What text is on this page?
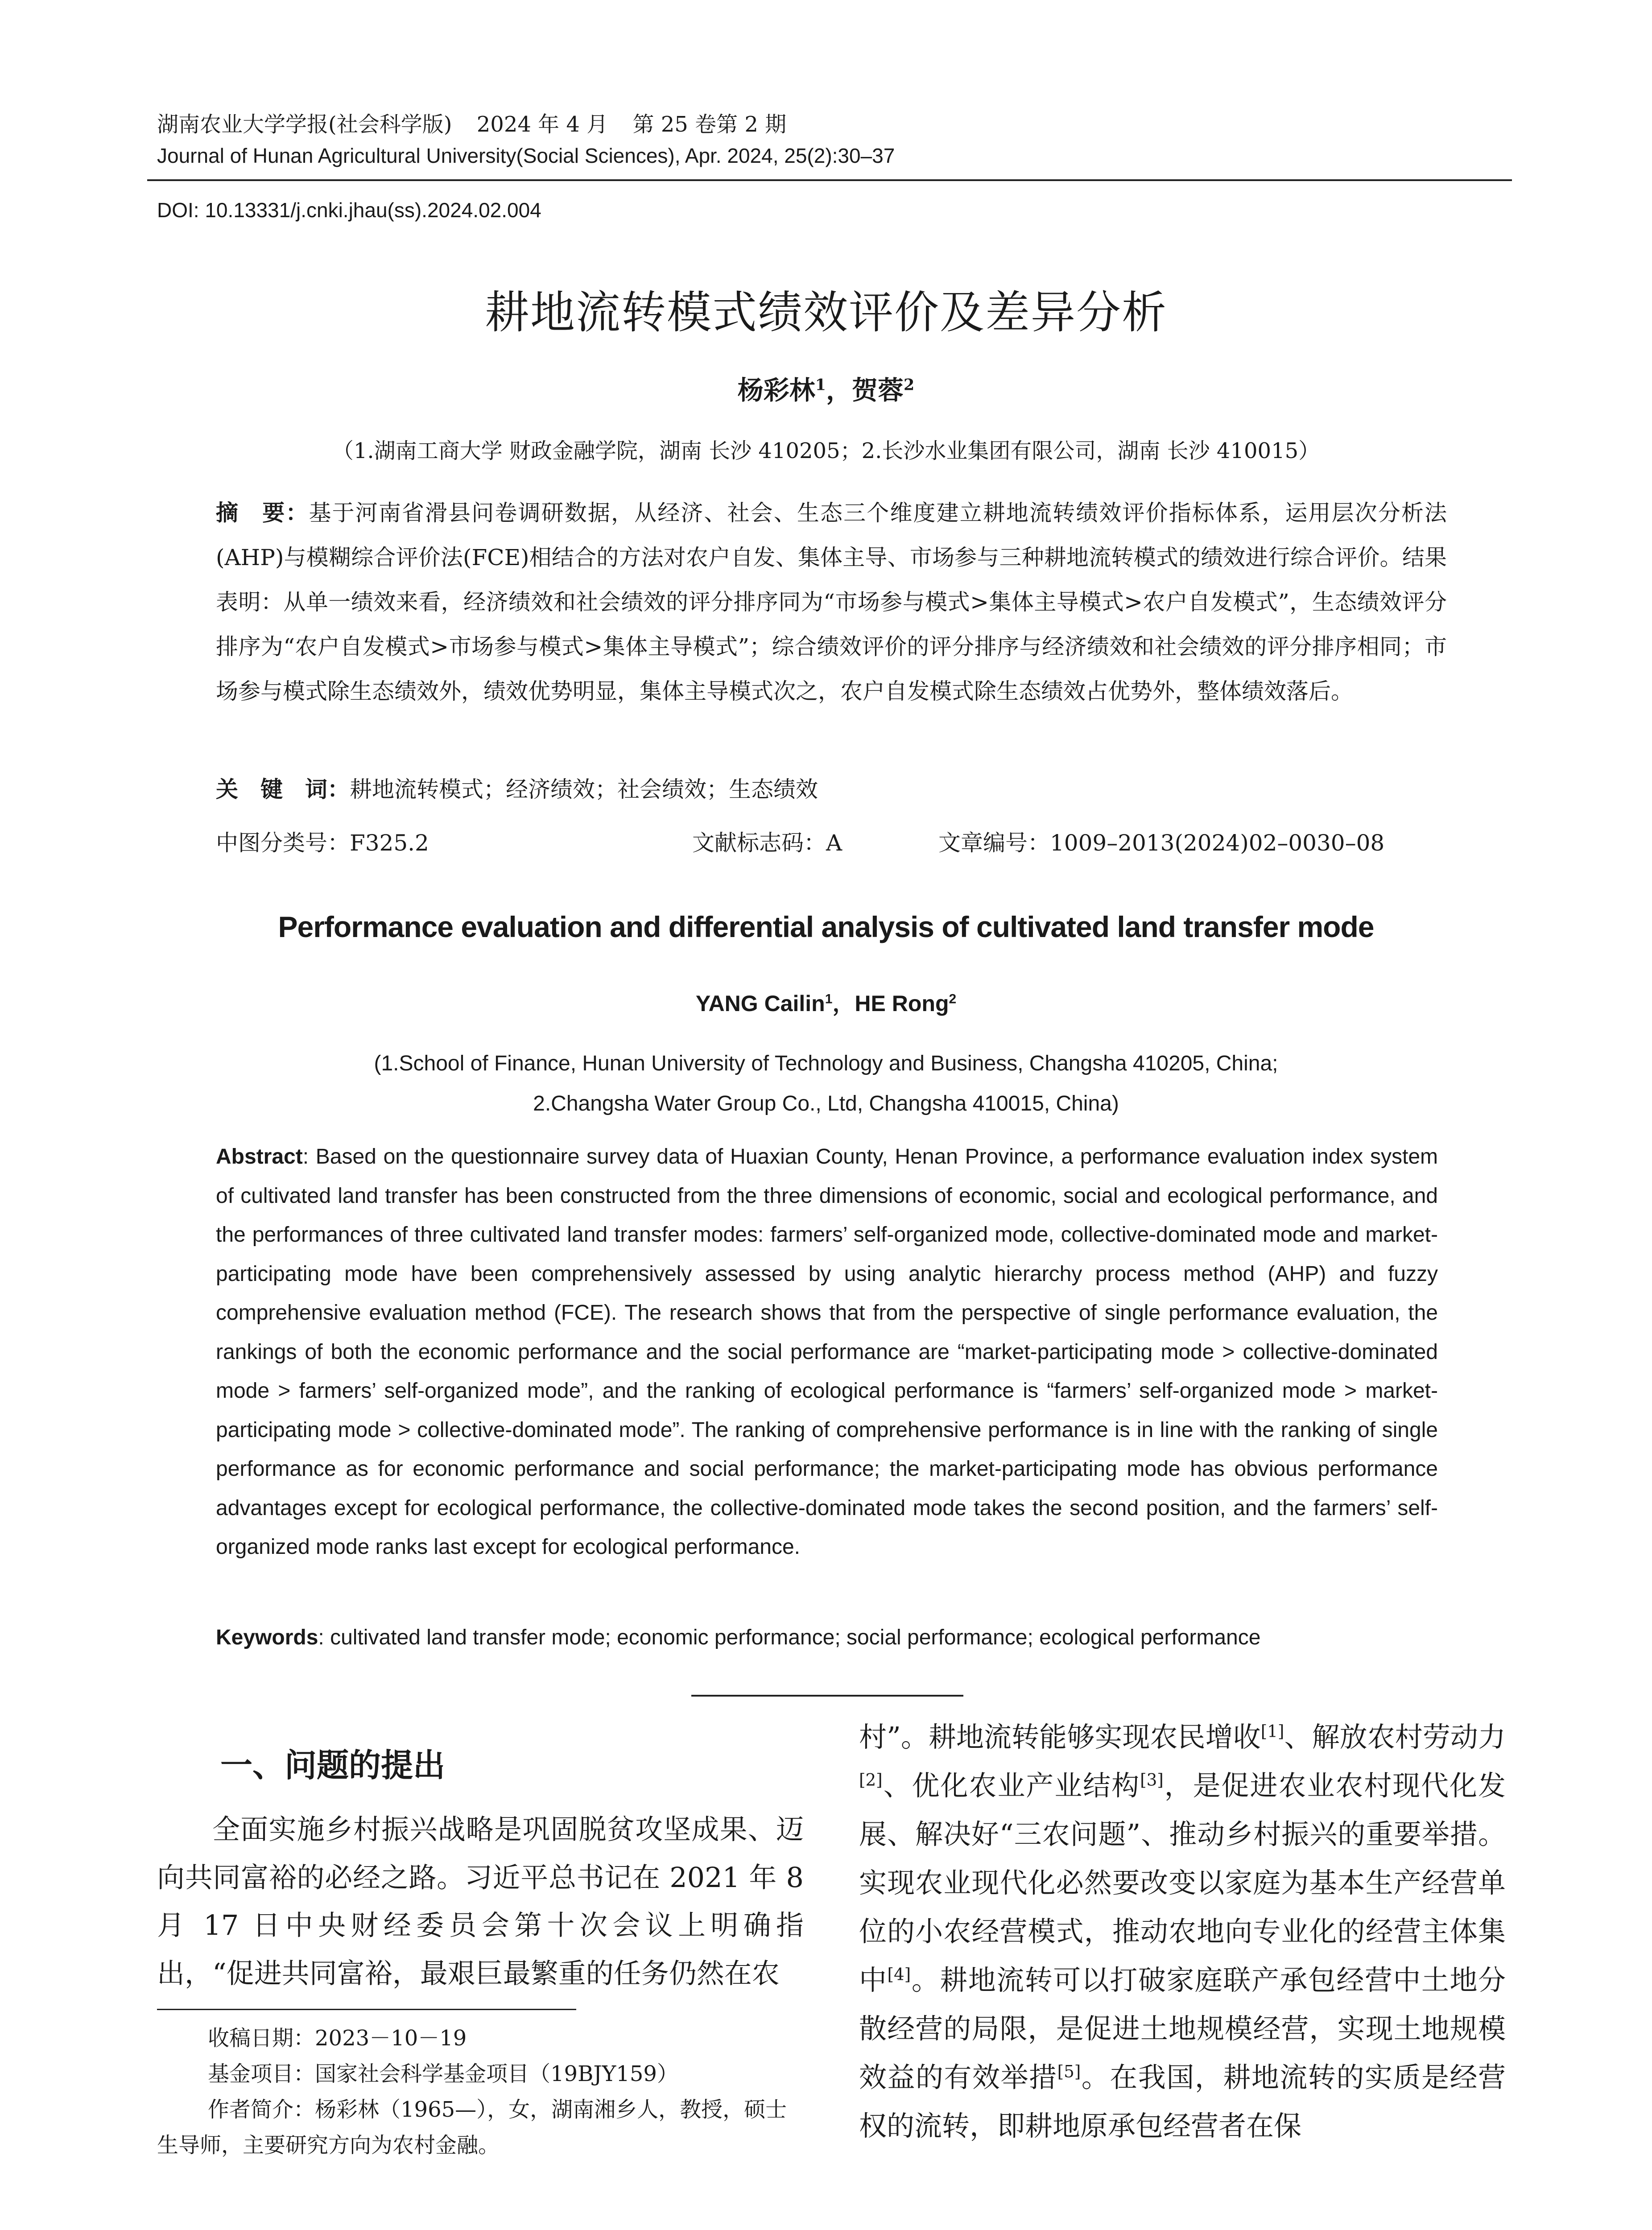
湖南农业大学学报(社会科学版) 2024 年 4 月 第 25 卷第 2 期
Journal of Hunan Agricultural University(Social Sciences), Apr. 2024, 25(2):30–37
DOI: 10.13331/j.cnki.jhau(ss).2024.02.004
耕地流转模式绩效评价及差异分析
杨彩林$^1$，贺蓉$^2$
（1.湖南工商大学 财政金融学院，湖南 长沙 410205；2.长沙水业集团有限公司，湖南 长沙 410015）
摘　要：基于河南省滑县问卷调研数据，从经济、社会、生态三个维度建立耕地流转绩效评价指标体系，运用层次分析法(AHP)与模糊综合评价法(FCE)相结合的方法对农户自发、集体主导、市场参与三种耕地流转模式的绩效进行综合评价。结果表明：从单一绩效来看，经济绩效和社会绩效的评分排序同为“市场参与模式>集体主导模式>农户自发模式”，生态绩效评分排序为“农户自发模式>市场参与模式>集体主导模式”；综合绩效评价的评分排序与经济绩效和社会绩效的评分排序相同；市场参与模式除生态绩效外，绩效优势明显，集体主导模式次之，农户自发模式除生态绩效占优势外，整体绩效落后。
关　键　词：耕地流转模式；经济绩效；社会绩效；生态绩效
中图分类号：F325.2	文献标志码：A	文章编号：1009–2013(2024)02–0030–08
Performance evaluation and differential analysis of cultivated land transfer mode
YANG Cailin$^1$，HE Rong$^2$
(1.School of Finance, Hunan University of Technology and Business, Changsha 410205, China;
2.Changsha Water Group Co., Ltd, Changsha 410015, China)
Abstract: Based on the questionnaire survey data of Huaxian County, Henan Province, a performance evaluation index system of cultivated land transfer has been constructed from the three dimensions of economic, social and ecological performance, and the performances of three cultivated land transfer modes: farmers’ self-organized mode, collective-dominated mode and market-participating mode have been comprehensively assessed by using analytic hierarchy process method (AHP) and fuzzy comprehensive evaluation method (FCE). The research shows that from the perspective of single performance evaluation, the rankings of both the economic performance and the social performance are “market-participating mode > collective-dominated mode > farmers’ self-organized mode”, and the ranking of ecological performance is “farmers’ self-organized mode > market-participating mode > collective-dominated mode”. The ranking of comprehensive performance is in line with the ranking of single performance as for economic performance and social performance; the market-participating mode has obvious performance advantages except for ecological performance, the collective-dominated mode takes the second position, and the farmers’ self-organized mode ranks last except for ecological performance.
Keywords: cultivated land transfer mode; economic performance; social performance; ecological performance
一、问题的提出

全面实施乡村振兴战略是巩固脱贫攻坚成果、迈向共同富裕的必经之路。习近平总书记在 2021 年 8 月 17 日中央财经委员会第十次会议上明确指出，“促进共同富裕，最艰巨最繁重的任务仍然在农

村”。耕地流转能够实现农民增收[1]、解放农村劳动力[2]、优化农业产业结构[3]，是促进农业农村现代化发展、解决好“三农问题”、推动乡村振兴的重要举措。实现农业现代化必然要改变以家庭为基本生产经营单位的小农经营模式，推动农地向专业化的经营主体集中[4]。耕地流转可以打破家庭联产承包经营中土地分散经营的局限，是促进土地规模经营，实现土地规模效益的有效举措[5]。在我国，耕地流转的实质是经营权的流转，即耕地原承包经营者在保

收稿日期：2023－10－19
基金项目：国家社会科学基金项目（19BJY159）
作者简介：杨彩林（1965—），女，湖南湘乡人，教授，硕士生导师，主要研究方向为农村金融。
